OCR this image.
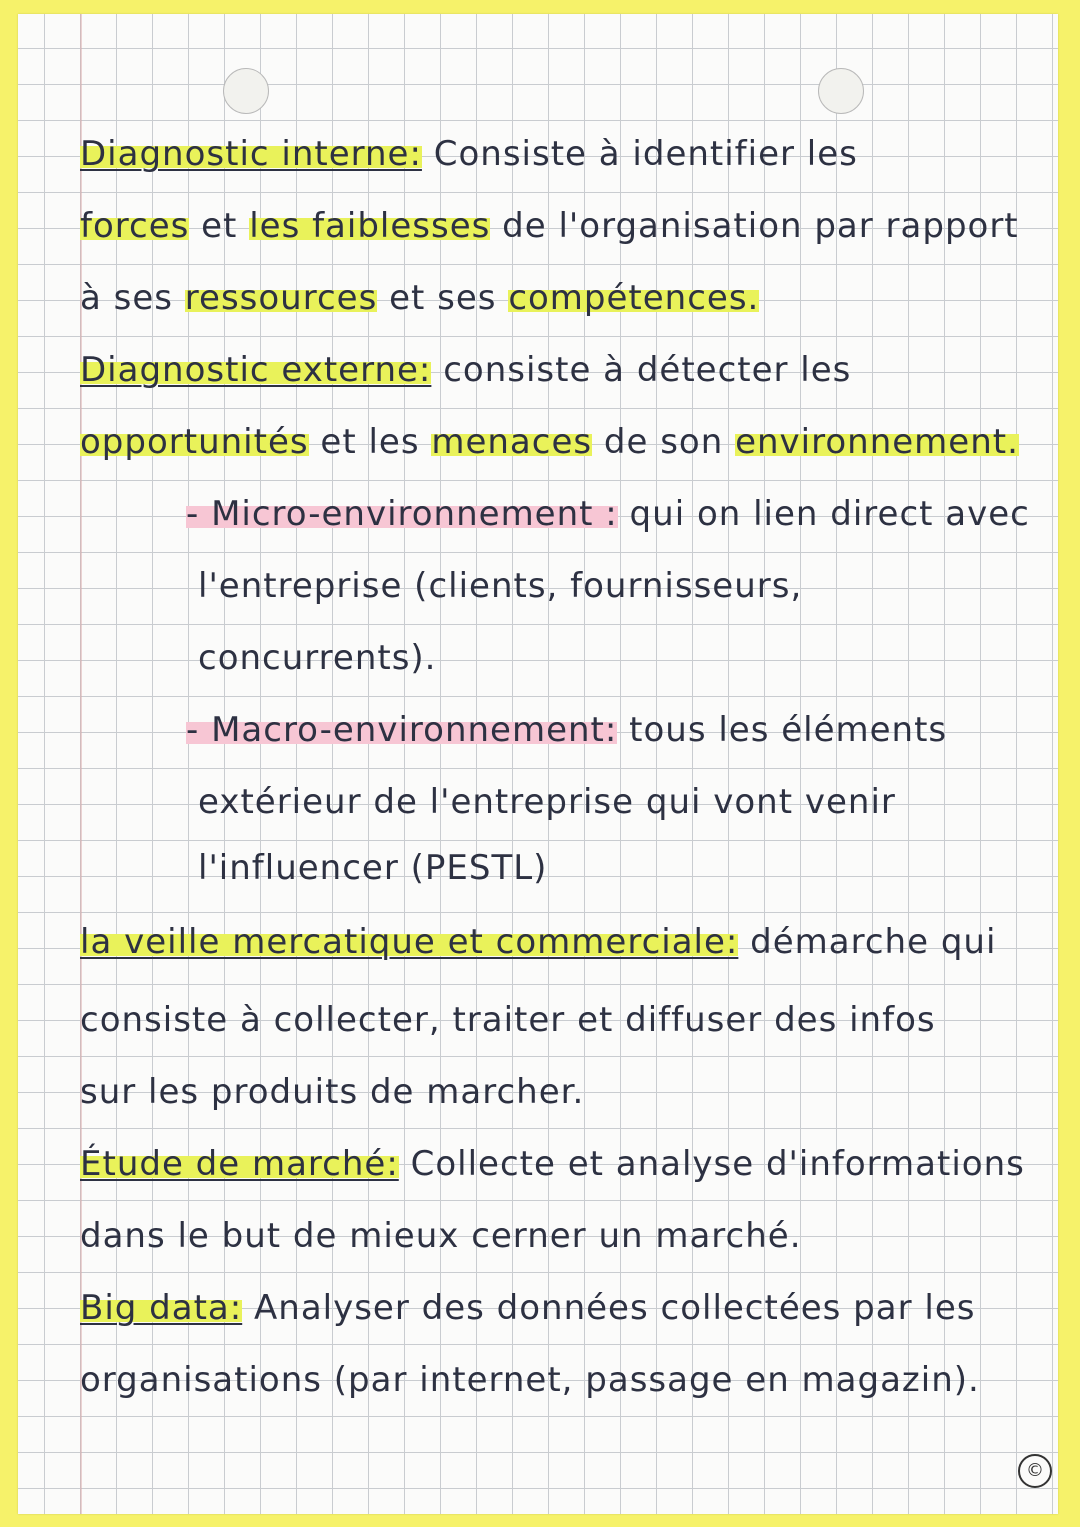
Diagnostic interne: Consiste à identifier les
forces et les faiblesses de l'organisation par rapport
à ses ressources et ses compétences.
Diagnostic externe: consiste à détecter les
opportunités et les menaces de son environnement.
- Micro-environnement : qui on lien direct avec
l'entreprise (clients, fournisseurs,
concurrents).
- Macro-environnement: tous les éléments
extérieur de l'entreprise qui vont venir
l'influencer (PESTL)
la veille mercatique et commerciale: démarche qui
consiste à collecter, traiter et diffuser des infos
sur les produits de marcher.
Étude de marché: Collecte et analyse d'informations
dans le but de mieux cerner un marché.
Big data: Analyser des données collectées par les
organisations (par internet, passage en magazin).
©
